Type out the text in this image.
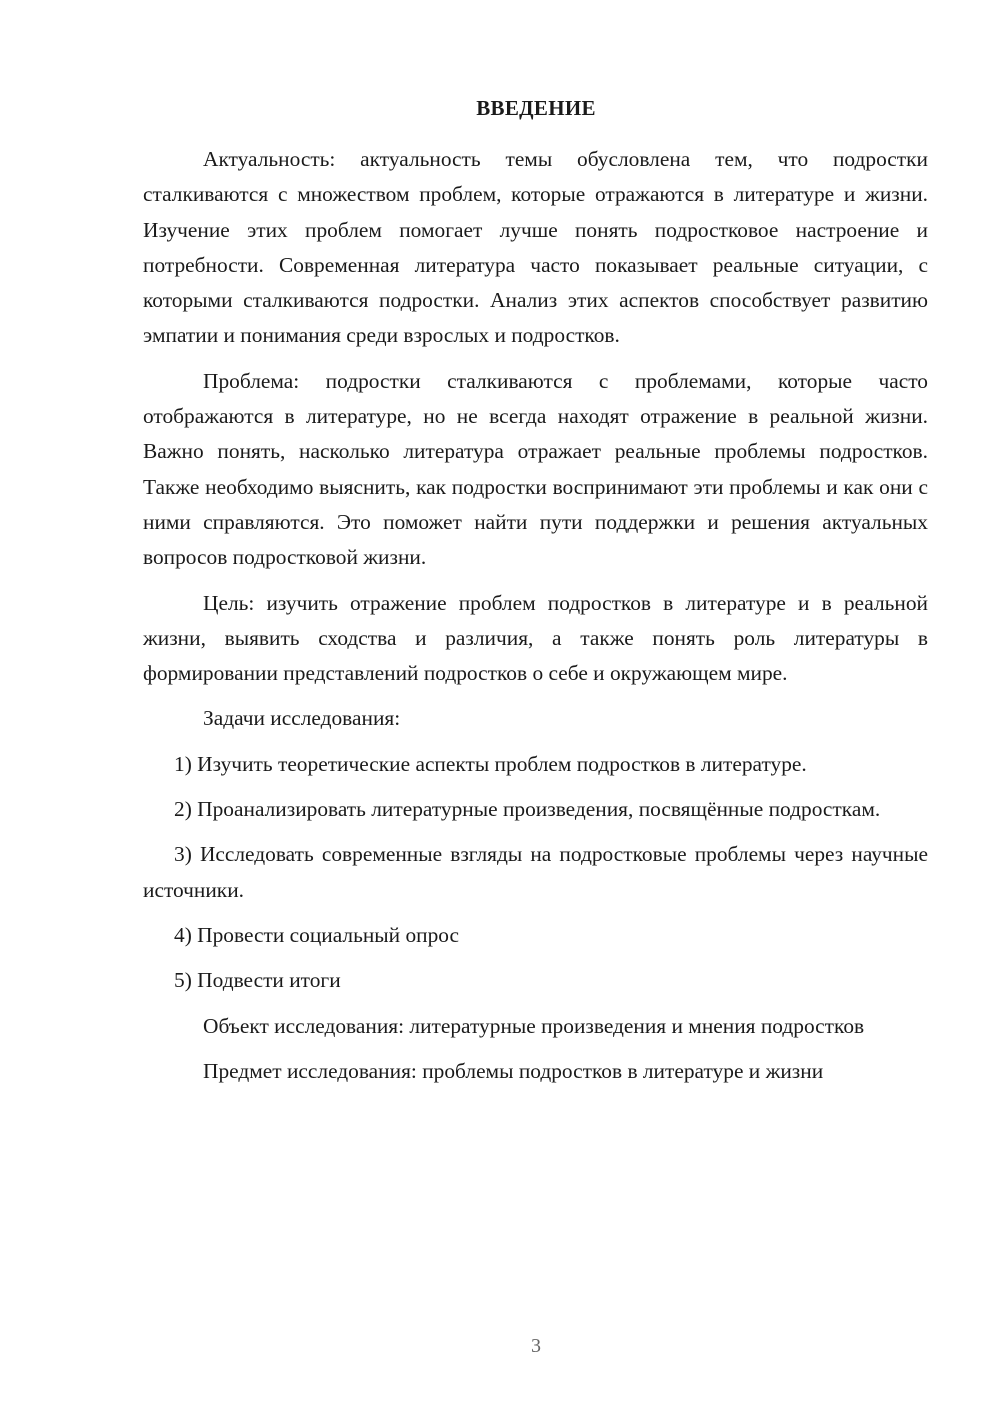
ВВЕДЕНИЕ

Актуальность: актуальность темы обусловлена тем, что подростки сталкиваются с множеством проблем, которые отражаются в литературе и жизни. Изучение этих проблем помогает лучше понять подростковое настроение и потребности. Современная литература часто показывает реальные ситуации, с которыми сталкиваются подростки. Анализ этих аспектов способствует развитию эмпатии и понимания среди взрослых и подростков.

Проблема: подростки сталкиваются с проблемами, которые часто отображаются в литературе, но не всегда находят отражение в реальной жизни. Важно понять, насколько литература отражает реальные проблемы подростков. Также необходимо выяснить, как подростки воспринимают эти проблемы и как они с ними справляются. Это поможет найти пути поддержки и решения актуальных вопросов подростковой жизни.

Цель: изучить отражение проблем подростков в литературе и в реальной жизни, выявить сходства и различия, а также понять роль литературы в формировании представлений подростков о себе и окружающем мире.

Задачи исследования:

1) Изучить теоретические аспекты проблем подростков в литературе.

2) Проанализировать литературные произведения, посвящённые подросткам.

3) Исследовать современные взгляды на подростковые проблемы через научные источники.

4) Провести социальный опрос

5) Подвести итоги

Объект исследования: литературные произведения и мнения подростков

Предмет исследования: проблемы подростков в литературе и жизни

3
